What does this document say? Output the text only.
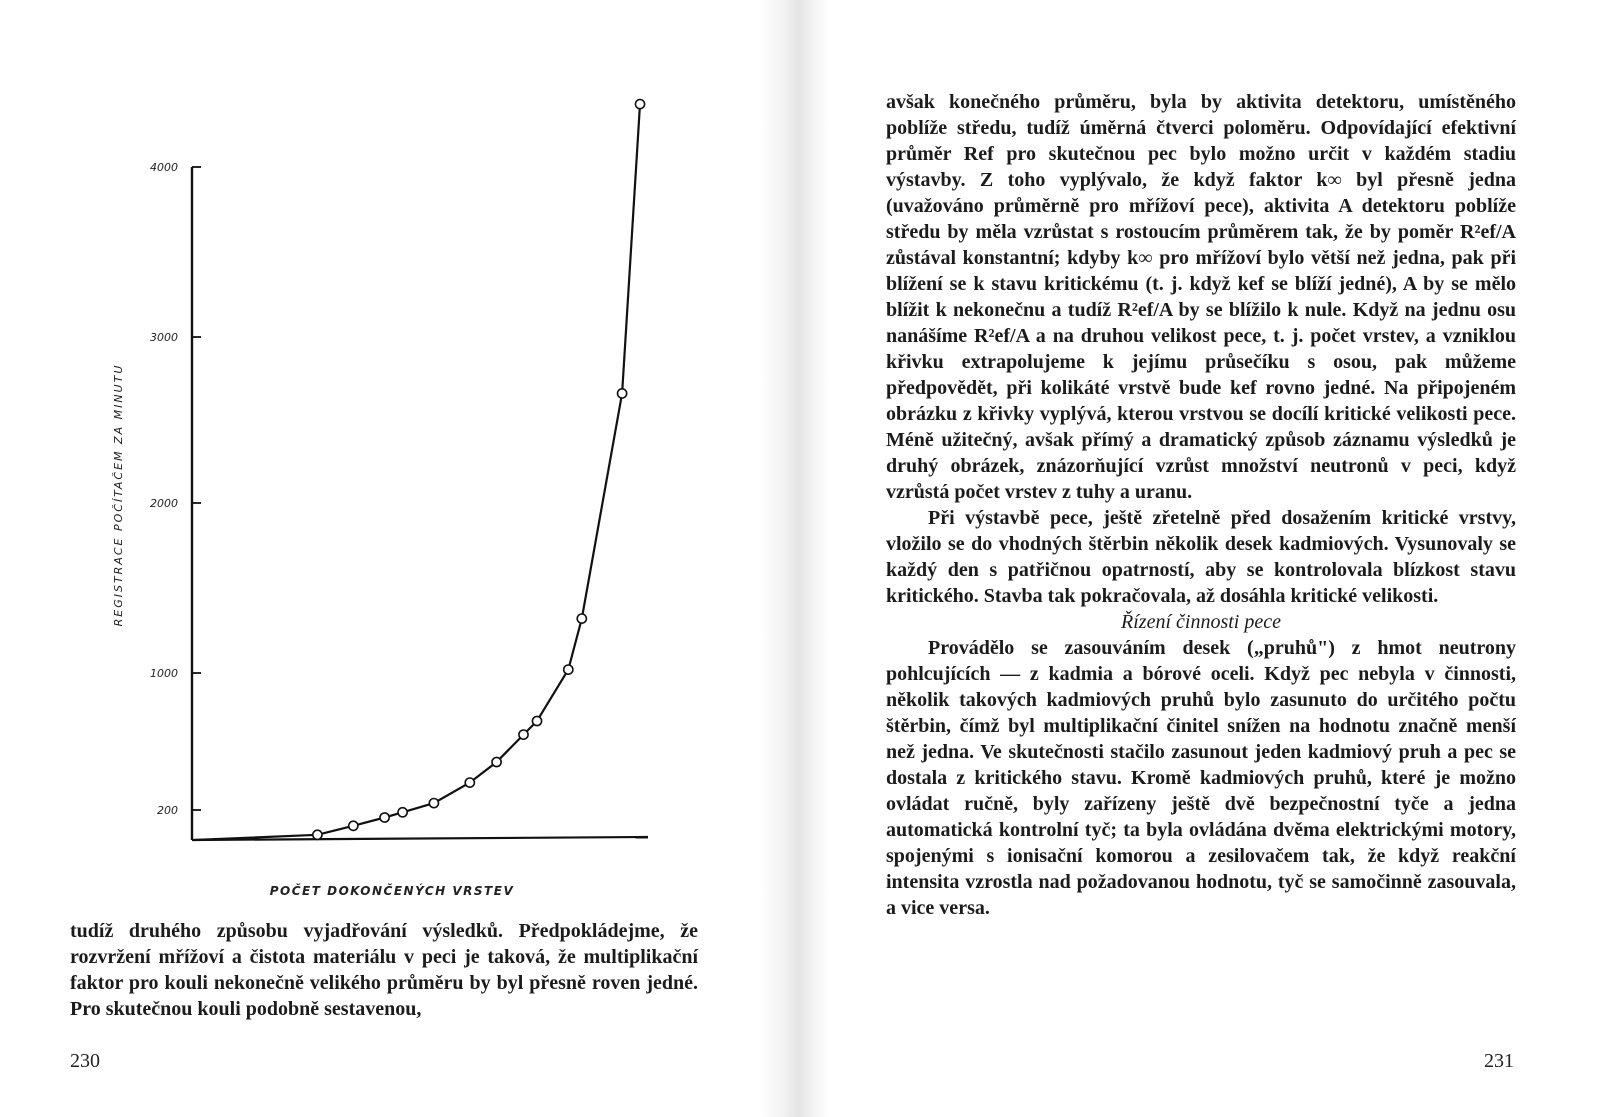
200
1000
2000
3000
4000
REGISTRACE POČÍTAČEM ZA MINUTU
POČET DOKONČENÝCH VRSTEV

tudíž druhého způsobu vyjadřování výsledků. Předpokládejme, že rozvržení mřížoví a čistota materiálu v peci je taková, že multiplikační faktor pro kouli nekonečně velikého průměru by byl přesně roven jedné. Pro skutečnou kouli podobně sestavenou,

230

avšak konečného průměru, byla by aktivita detektoru, umístěného poblíže středu, tudíž úměrná čtverci poloměru. Odpovídající efektivní průměr Ref pro skutečnou pec bylo možno určit v každém stadiu výstavby. Z toho vyplývalo, že když faktor k∞ byl přesně jedna (uvažováno průměrně pro mřížoví pece), aktivita A detektoru poblíže středu by měla vzrůstat s rostoucím průměrem tak, že by poměr R²ef/A zůstával konstantní; kdyby k∞ pro mřížoví bylo větší než jedna, pak při blížení se k stavu kritickému (t. j. když kef se blíží jedné), A by se mělo blížit k nekonečnu a tudíž R²ef/A by se blížilo k nule. Když na jednu osu nanášíme R²ef/A a na druhou velikost pece, t. j. počet vrstev, a vzniklou křivku extrapolujeme k jejímu průsečíku s osou, pak můžeme předpovědět, při kolikáté vrstvě bude kef rovno jedné. Na připojeném obrázku z křivky vyplývá, kterou vrstvou se docílí kritické velikosti pece. Méně užitečný, avšak přímý a dramatický způsob záznamu výsledků je druhý obrázek, znázorňující vzrůst množství neutronů v peci, když vzrůstá počet vrstev z tuhy a uranu.

Při výstavbě pece, ještě zřetelně před dosažením kritické vrstvy, vložilo se do vhodných štěrbin několik desek kadmiových. Vysunovaly se každý den s patřičnou opatrností, aby se kontrolovala blízkost stavu kritického. Stavba tak pokračovala, až dosáhla kritické velikosti.

Řízení činnosti pece

Provádělo se zasouváním desek („pruhů") z hmot neutrony pohlcujících — z kadmia a bórové oceli. Když pec nebyla v činnosti, několik takových kadmiových pruhů bylo zasunuto do určitého počtu štěrbin, čímž byl multiplikační činitel snížen na hodnotu značně menší než jedna. Ve skutečnosti stačilo zasunout jeden kadmiový pruh a pec se dostala z kritického stavu. Kromě kadmiových pruhů, které je možno ovládat ručně, byly zařízeny ještě dvě bezpečnostní tyče a jedna automatická kontrolní tyč; ta byla ovládána dvěma elektrickými motory, spojenými s ionisační komorou a zesilovačem tak, že když reakční intensita vzrostla nad požadovanou hodnotu, tyč se samočinně zasouvala, a vice versa.

231
